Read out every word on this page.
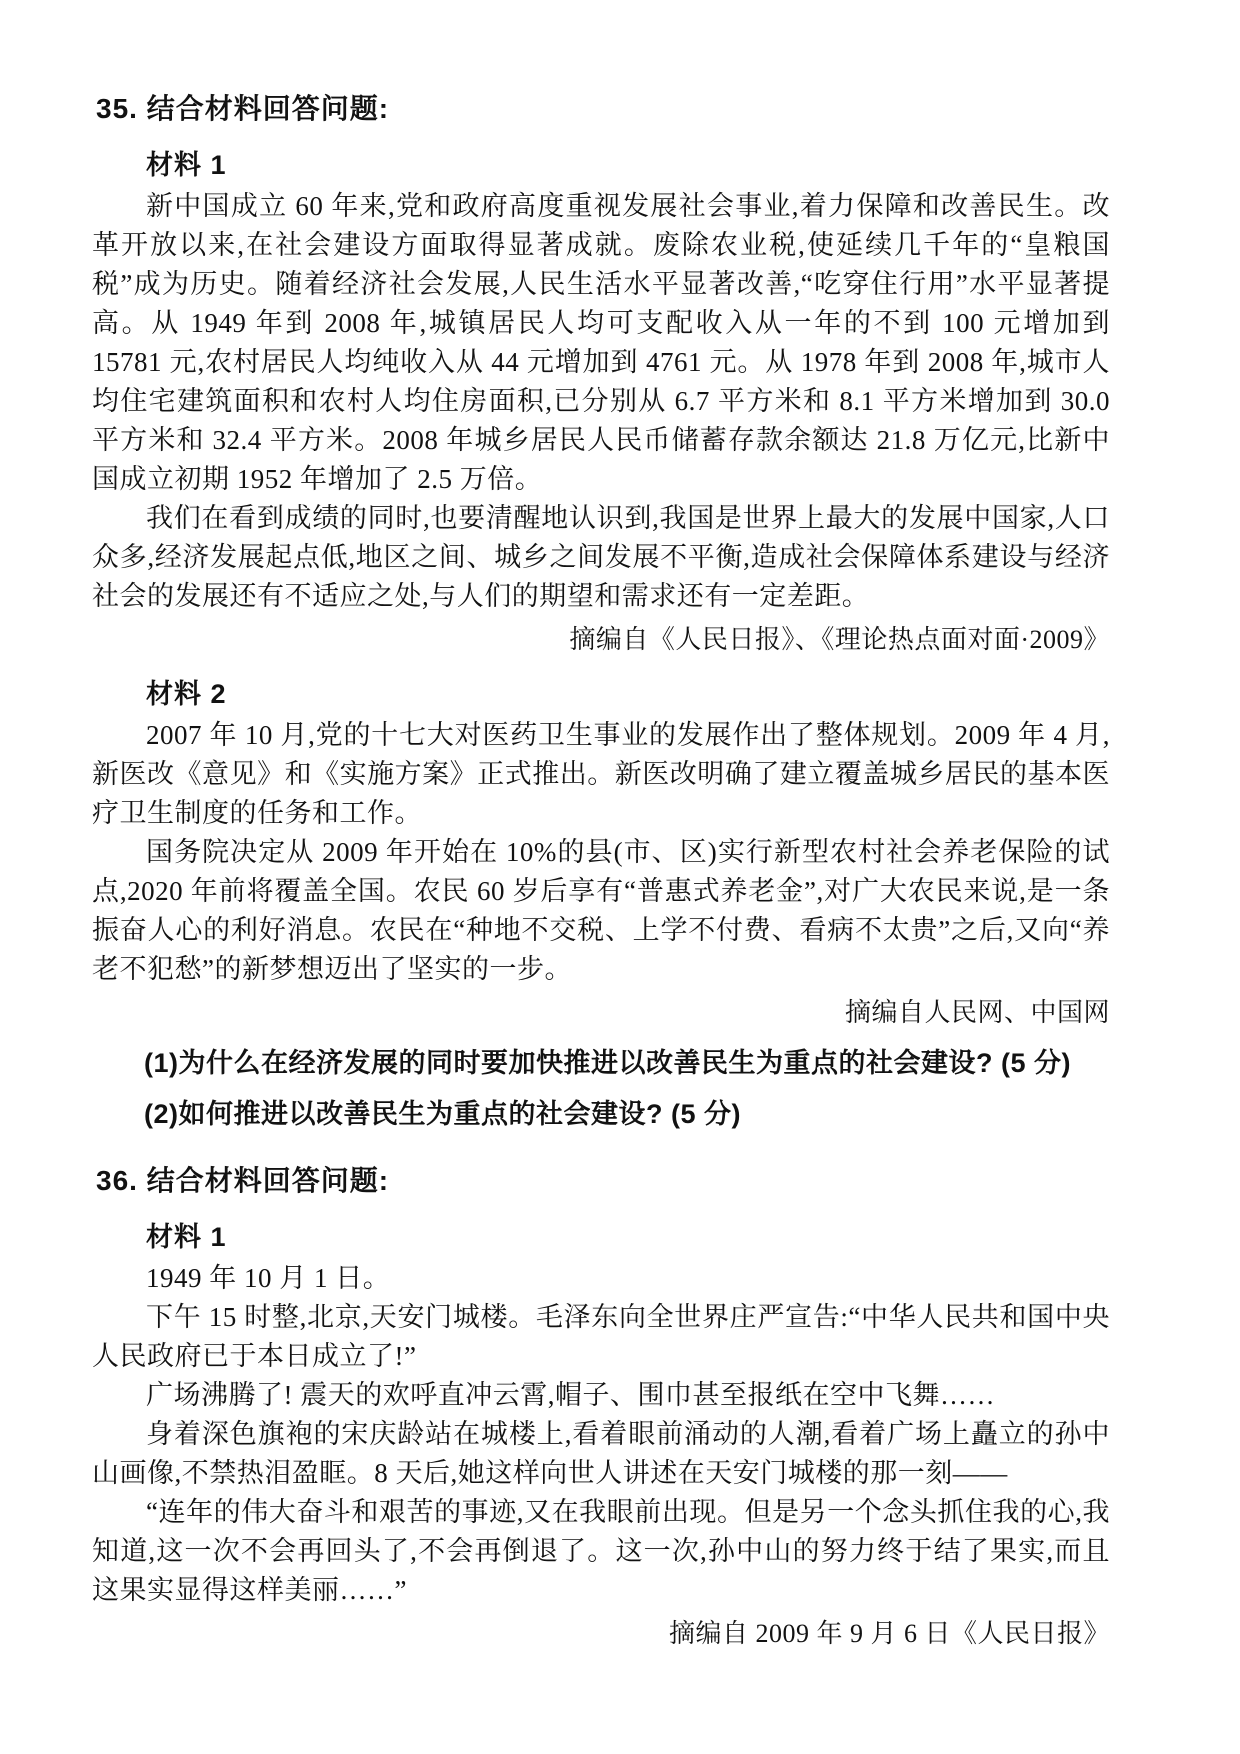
35. 结合材料回答问题:
材料 1

新中国成立 60 年来,党和政府高度重视发展社会事业,着力保障和改善民生。改革开放以来,在社会建设方面取得显著成就。废除农业税,使延续几千年的“皇粮国税”成为历史。随着经济社会发展,人民生活水平显著改善,“吃穿住行用”水平显著提高。从 1949 年到 2008 年,城镇居民人均可支配收入从一年的不到 100 元增加到 15781 元,农村居民人均纯收入从 44 元增加到 4761 元。从 1978 年到 2008 年,城市人均住宅建筑面积和农村人均住房面积,已分别从 6.7 平方米和 8.1 平方米增加到 30.0 平方米和 32.4 平方米。2008 年城乡居民人民币储蓄存款余额达 21.8 万亿元,比新中国成立初期 1952 年增加了 2.5 万倍。

我们在看到成绩的同时,也要清醒地认识到,我国是世界上最大的发展中国家,人口众多,经济发展起点低,地区之间、城乡之间发展不平衡,造成社会保障体系建设与经济社会的发展还有不适应之处,与人们的期望和需求还有一定差距。

摘编自《人民日报》、《理论热点面对面·2009》

材料 2

2007 年 10 月,党的十七大对医药卫生事业的发展作出了整体规划。2009 年 4 月,新医改《意见》和《实施方案》正式推出。新医改明确了建立覆盖城乡居民的基本医疗卫生制度的任务和工作。

国务院决定从 2009 年开始在 10%的县(市、区)实行新型农村社会养老保险的试点,2020 年前将覆盖全国。农民 60 岁后享有“普惠式养老金”,对广大农民来说,是一条振奋人心的利好消息。农民在“种地不交税、上学不付费、看病不太贵”之后,又向“养老不犯愁”的新梦想迈出了坚实的一步。

摘编自人民网、中国网

(1)为什么在经济发展的同时要加快推进以改善民生为重点的社会建设? (5 分)

(2)如何推进以改善民生为重点的社会建设? (5 分)

36. 结合材料回答问题:
材料 1

1949 年 10 月 1 日。

下午 15 时整,北京,天安门城楼。毛泽东向全世界庄严宣告:“中华人民共和国中央人民政府已于本日成立了!”

广场沸腾了! 震天的欢呼直冲云霄,帽子、围巾甚至报纸在空中飞舞……

身着深色旗袍的宋庆龄站在城楼上,看着眼前涌动的人潮,看着广场上矗立的孙中山画像,不禁热泪盈眶。8 天后,她这样向世人讲述在天安门城楼的那一刻——

“连年的伟大奋斗和艰苦的事迹,又在我眼前出现。但是另一个念头抓住我的心,我知道,这一次不会再回头了,不会再倒退了。这一次,孙中山的努力终于结了果实,而且这果实显得这样美丽……”

摘编自 2009 年 9 月 6 日《人民日报》
